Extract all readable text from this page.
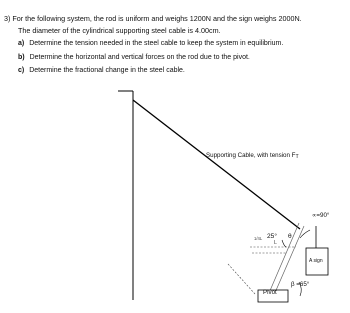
3) For the following system, the rod is uniform and weighs 1200N and the sign weighs 2000N.

The diameter of the cylindrical supporting steel cable is 4.00cm.

a) Determine the tension needed in the steel cable to keep the system in equilibrium.

b) Determine the horizontal and vertical forces on the rod due to the pivot.

c) Determine the fractional change in the steel cable.

Supporting Cable, with tension FT
∝=90°
25° θ
1/4L
L
A sign
Pivot
β =65°
